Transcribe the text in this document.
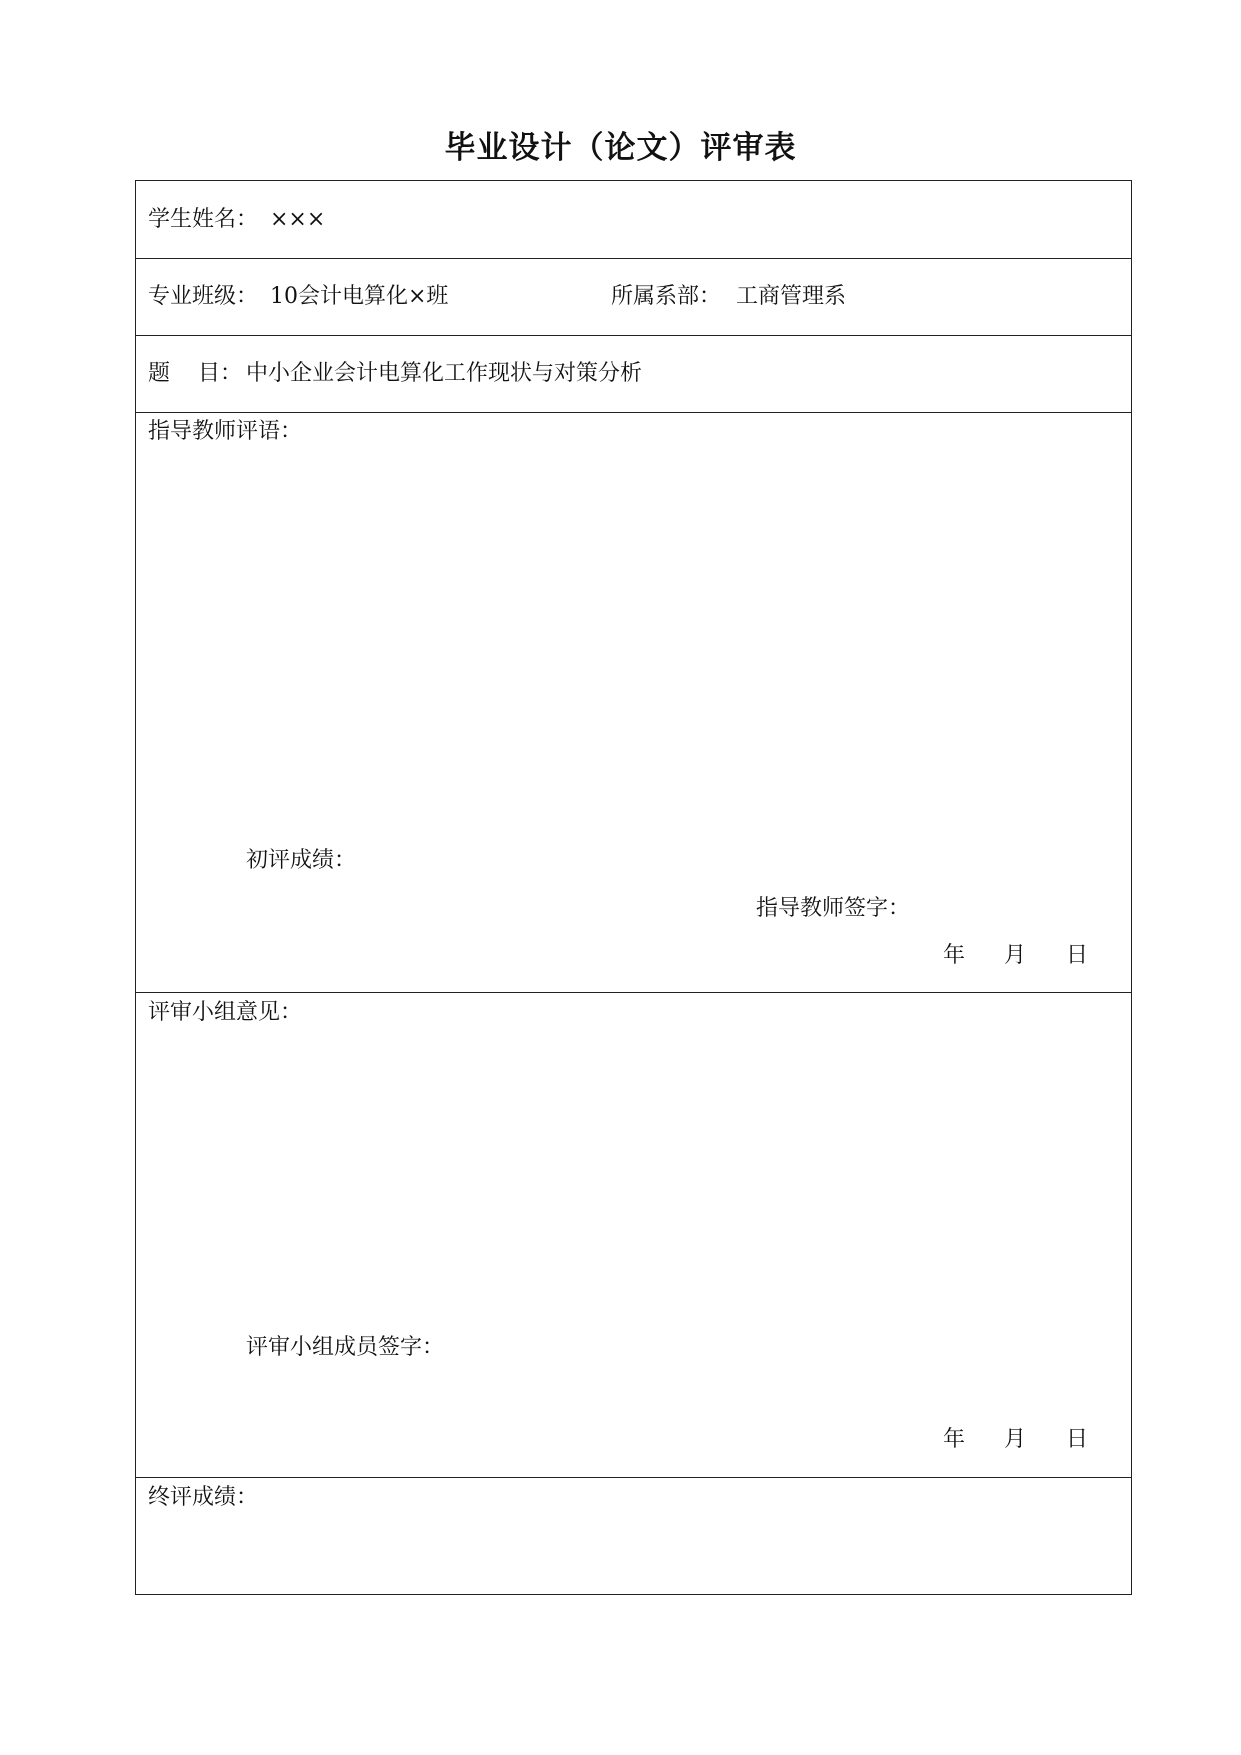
毕业设计（论文）评审表
学生姓名： ×××
专业班级： 10会计电算化×班	所属系部： 工商管理系
题 目： 中小企业会计电算化工作现状与对策分析
指导教师评语：
初评成绩：
指导教师签字：
年 月 日
评审小组意见：
评审小组成员签字：
年 月 日
终评成绩：
